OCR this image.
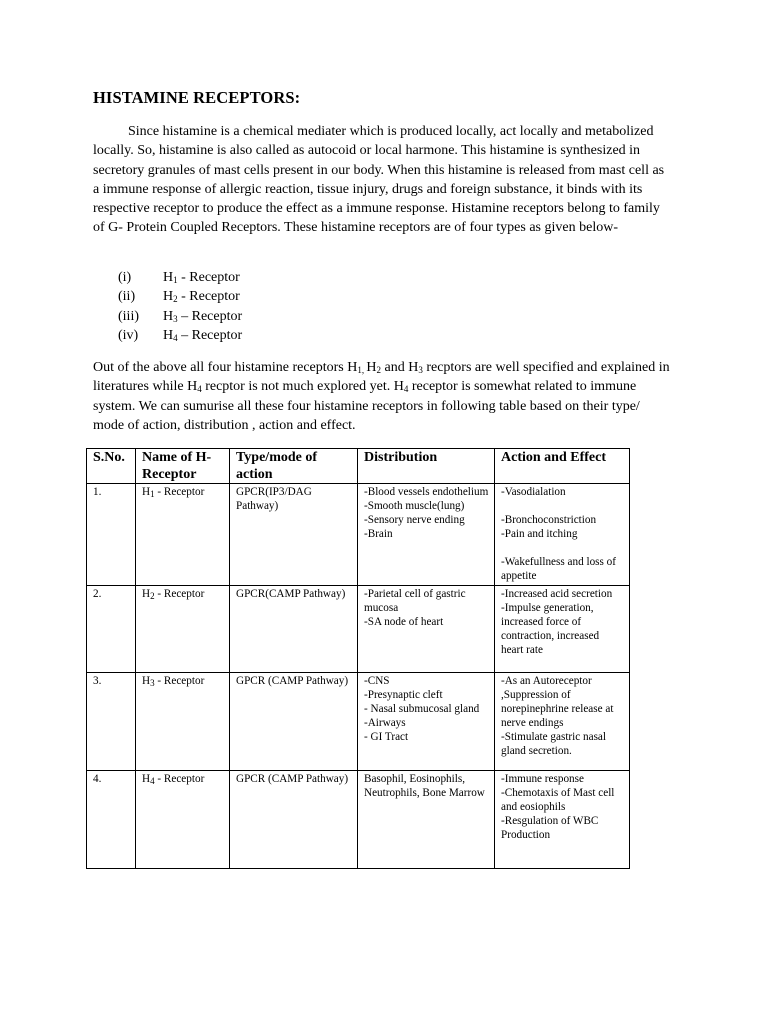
HISTAMINE RECEPTORS:
Since histamine is a chemical mediater which is produced locally, act locally and metabolized locally. So, histamine is also called as autocoid or local harmone. This histamine is synthesized in secretory granules of mast cells present in our body. When this histamine is released from mast cell as a immune response of allergic reaction, tissue injury, drugs and foreign substance, it binds with its respective receptor to produce the effect as a immune response. Histamine receptors belong to family of G- Protein Coupled Receptors. These histamine receptors are of four types as given below-
(i)	$H_1$ - Receptor
(ii)	$H_2$ - Receptor
(iii)	$H_3$ – Receptor
(iv)	$H_4$ – Receptor
Out of the above all four histamine receptors $H_{1,}$ $H_2$ and $H_3$ recptors are well specified and explained in literatures while $H_4$ recptor is not much explored yet. $H_4$ receptor is somewhat related to immune system. We can sumurise all these four histamine receptors in following table based on their type/ mode of action, distribution , action and effect.
S.No.	Name of H-Receptor	Type/mode of action	Distribution	Action and Effect
1.	$H_1$ - Receptor	GPCR(IP3/DAG Pathway)	-Blood vessels endothelium
-Smooth muscle(lung)
-Sensory nerve ending
-Brain	-Vasodialation
-Bronchoconstriction
-Pain and itching
-Wakefullness and loss of appetite

2.	$H_2$ - Receptor	GPCR(CAMP Pathway)	-Parietal cell of gastric mucosa
-SA node of heart	-Increased acid secretion
-Impulse generation, increased force of contraction, increased heart rate

3.	$H_3$ - Receptor	GPCR (CAMP Pathway)	-CNS
-Presynaptic cleft
- Nasal submucosal gland
-Airways
- GI Tract	-As an Autoreceptor ,Suppression of norepinephrine release at nerve endings
-Stimulate gastric nasal gland secretion.

4.	$H_4$ - Receptor	GPCR (CAMP Pathway)	Basophil, Eosinophils, Neutrophils, Bone Marrow	-Immune response
-Chemotaxis of Mast cell and eosiophils
-Resgulation of WBC Production
